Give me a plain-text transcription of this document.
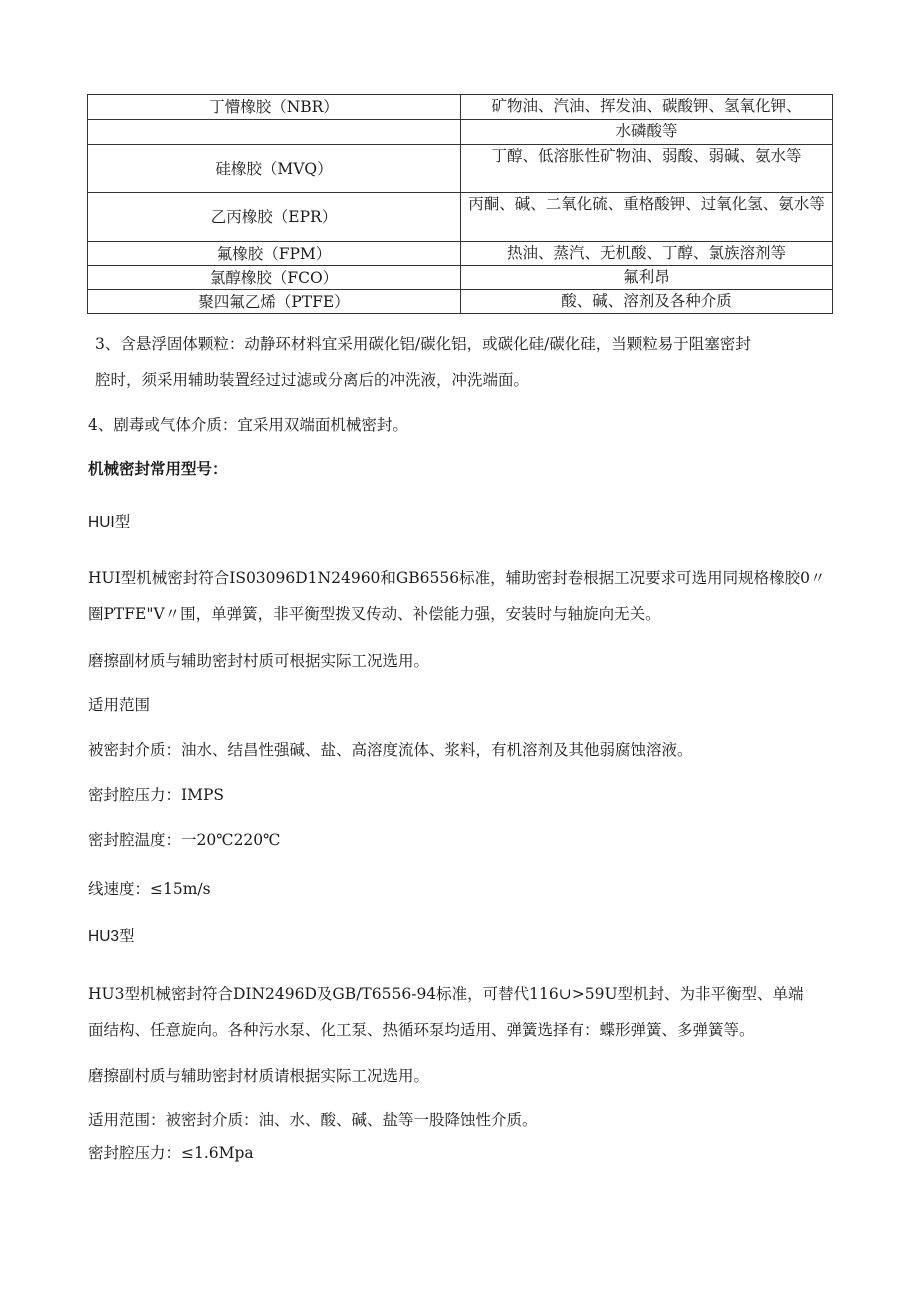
丁懵橡胶（NBR）	矿物油、汽油、挥发油、碳酸钾、氢氧化钾、
	水磷酸等
硅橡胶（MVQ）	丁醇、低溶胀性矿物油、弱酸、弱碱、氨水等
乙丙橡胶（EPR）	丙酮、碱、二氧化硫、重格酸钾、过氧化氢、氨水等
氟橡胶（FPM）	热油、蒸汽、无机酸、丁醇、氯族溶剂等
氯醇橡胶（FCO）	氟利昂
聚四氟乙烯（PTFE）	酸、碱、溶剂及各种介质
3、含悬浮固体颗粒：动静环材料宜采用碳化铝/碳化铝，或碳化硅/碳化硅，当颗粒易于阻塞密封
腔时，须采用辅助装置经过过滤或分离后的冲洗液，冲洗端面。
4、剧毒或气体介质：宜采用双端面机械密封。
机械密封常用型号：
HUI型
HUI型机械密封符合IS03096D1N24960和GB6556标准，辅助密封卷根据工况要求可选用同规格橡胶0〃
圈PTFE"V〃围，单弹簧，非平衡型拨叉传动、补偿能力强，安装时与轴旋向无关。
磨擦副材质与辅助密封村质可根据实际工况选用。
适用范围
被密封介质：油水、结昌性强碱、盐、高溶度流体、浆料，有机溶剂及其他弱腐蚀溶液。
密封腔压力：IMPS
密封腔温度：一20℃220℃
线速度：≤15m∕s
HU3型
HU3型机械密封符合DIN2496D及GB/T6556-94标准，可替代116∪>59U型机封、为非平衡型、单端
面结构、任意旋向。各种污水泵、化工泵、热循环泵均适用、弹簧选择有：蝶形弹簧、多弹簧等。
磨擦副村质与辅助密封材质请根据实际工况选用。
适用范围：被密封介质：油、水、酸、碱、盐等一股降蚀性介质。
密封腔压力：≤1.6Mpa
